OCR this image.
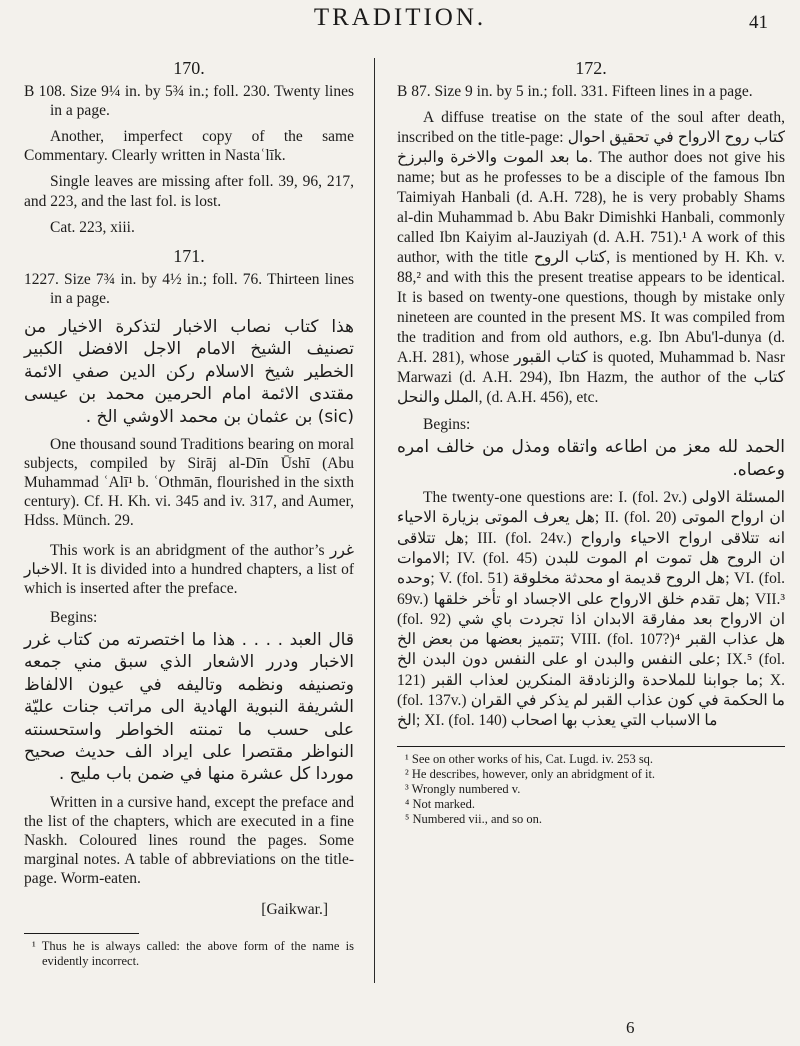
TRADITION.	41
170.

B 108. Size 9¼ in. by 5¾ in.; foll. 230. Twenty lines in a page.

Another, imperfect copy of the same Commentary. Clearly written in Nastaʿlīk.

Single leaves are missing after foll. 39, 96, 217, and 223, and the last fol. is lost.

Cat. 223, xiii.

171.

1227. Size 7¾ in. by 4½ in.; foll. 76. Thirteen lines in a page.

هذا كتاب نصاب الاخبار لتذكرة الاخيار من تصنيف الشيخ الامام الاجل الافضل الكبير الخطير شيخ الاسلام ركن الدين صفي الائمة مقتدى الائمة امام الحرمين محمد بن عيسى (sic) بن عثمان بن محمد الاوشي الخ .

One thousand sound Traditions bearing on moral subjects, compiled by Sirāj al-Dīn Ūshī (Abu Muhammad ʿAlī¹ b. ʿOthmān, flourished in the sixth century). Cf. H. Kh. vi. 345 and iv. 317, and Aumer, Hdss. Münch. 29.

This work is an abridgment of the author’s غرر الاخبار. It is divided into a hundred chapters, a list of which is inserted after the preface.

Begins:

قال العبد . . . . هذا ما اختصرته من كتاب غرر الاخبار ودرر الاشعار الذي سبق مني جمعه وتصنيفه ونظمه وتاليفه في عيون الالفاظ الشريفة النبوية الهادية الى مراتب جنات عليّة على حسب ما تمنته الخواطر واستحسنته النواظر مقتصرا على ايراد الف حديث صحيح موردا كل عشرة منها في ضمن باب مليح .

Written in a cursive hand, except the preface and the list of the chapters, which are executed in a fine Naskh. Coloured lines round the pages. Some marginal notes. A table of abbreviations on the title-page. Worm-eaten.

[Gaikwar.]

¹ Thus he is always called: the above form of the name is evidently incorrect.

172.

B 87. Size 9 in. by 5 in.; foll. 331. Fifteen lines in a page.

A diffuse treatise on the state of the soul after death, inscribed on the title-page: كتاب روح الارواح في تحقيق احوال ما بعد الموت والاخرة والبرزخ. The author does not give his name; but as he professes to be a disciple of the famous Ibn Taimiyah Hanbali (d. A.H. 728), he is very probably Shams al-din Muhammad b. Abu Bakr Dimishki Hanbali, commonly called Ibn Kaiyim al-Jauziyah (d. A.H. 751).¹ A work of this author, with the title كتاب الروح, is mentioned by H. Kh. v. 88,² and with this the present treatise appears to be identical. It is based on twenty-one questions, though by mistake only nineteen are counted in the present MS. It was compiled from the tradition and from old authors, e.g. Ibn Abu'l-dunya (d. A.H. 281), whose كتاب القبور is quoted, Muhammad b. Nasr Marwazi (d. A.H. 294), Ibn Hazm, the author of the كتاب الملل والنحل, (d. A.H. 456), etc.

Begins:

الحمد لله معز من اطاعه واتقاه ومذل من خالف امره وعصاه.

The twenty-one questions are: I. (fol. 2v.) المسئلة الاولى هل يعرف الموتى بزيارة الاحياء; II. (fol. 20) ان ارواح الموتى هل تتلاقى; III. (fol. 24v.) انه تتلاقى ارواح الاحياء وارواح الاموات; IV. (fol. 45) ان الروح هل تموت ام الموت للبدن وحده; V. (fol. 51) هل الروح قديمة او محدثة مخلوقة; VI. (fol. 69v.) هل تقدم خلق الارواح على الاجساد او تأخر خلقها; VII.³ (fol. 92) ان الارواح بعد مفارقة الابدان اذا تجردت باي شي تتميز بعضها من بعض الخ; VIII. (fol. 107?)⁴ هل عذاب القبر على النفس والبدن او على النفس دون البدن الخ; IX.⁵ (fol. 121) ما جوابنا للملاحدة والزنادقة المنكرين لعذاب القبر; X. (fol. 137v.) ما الحكمة في كون عذاب القبر لم يذكر في القران الخ; XI. (fol. 140) ما الاسباب التي يعذب بها اصحاب

¹ See on other works of his, Cat. Lugd. iv. 253 sq.

² He describes, however, only an abridgment of it.

³ Wrongly numbered v.

⁴ Not marked.

⁵ Numbered vii., and so on.

6
